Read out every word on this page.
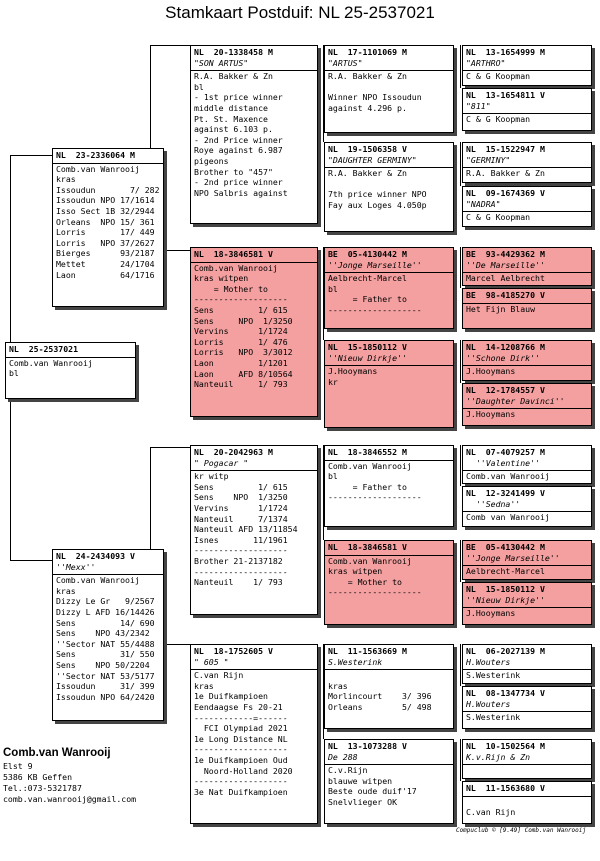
Stamkaart Postduif: NL 25-2537021
NL  25-2537021
Comb.van Wanrooij
bl
NL  23-2336064 M
Comb.van Wanrooij
kras
Issoudun       7/ 282
Issoudun NPO 17/1614
Isso Sect 1B 32/2944
Orleans  NPO 15/ 361
Lorris       17/ 449
Lorris   NPO 37/2627
Bierges      93/2187
Mettet       24/1704
Laon         64/1716
NL  24-2434093 V
''Mexx''
Comb.van Wanrooij
kras
Dizzy Le Gr   9/2567
Dizzy L AFD 16/14426
Sens         14/ 690
Sens    NPO 43/2342
''Sector NAT 55/4488
Sens         31/ 550
Sens    NPO 50/2204
''Sector NAT 53/5177
Issoudun     31/ 399
Issoudun NPO 64/2420
NL  20-1338458 M
"SON ARTUS"
R.A. Bakker & Zn
bl
- 1st price winner
middle distance
Pt. St. Maxence
against 6.103 p.
- 2nd Price winner
Roye against 6.987
pigeons
Brother to "457"
- 2nd price winner
NPO Salbris against
NL  18-3846581 V
Comb.van Wanrooij
kras witpen
= Mother to
-------------------
Sens         1/ 615
Sens     NPO  1/3250
Vervins      1/1724
Lorris       1/ 476
Lorris   NPO  3/3012
Laon         1/1201
Laon     AFD 8/10564
Nanteuil     1/ 793
NL  20-2042963 M
" Pogacar "
kr witp
Sens         1/ 615
Sens    NPO  1/3250
Vervins      1/1724
Nanteuil     7/1374
Nanteuil AFD 13/11854
Isnes       11/1961
-------------------
Brother 21-2137182
-------------------
Nanteuil    1/ 793
NL  18-1752605 V
" 605 "
C.van Rijn
kras
1e Duifkampioen
Eendaagse Fs 20-21
------------=------
FCI Olympiad 2021
1e Long Distance NL
-------------------
1e Duifkampioen Oud
Noord-Holland 2020
-------------------
3e Nat Duifkampioen
NL  17-1101069 M
"ARTUS"
R.A. Bakker & Zn

Winner NPO Issoudun
against 4.296 p.
NL  19-1506358 V
"DAUGHTER GERMINY"
R.A. Bakker & Zn

7th price winner NPO
Fay aux Loges 4.050p
BE  05-4130442 M
''Jonge Marseille''
Aelbrecht-Marcel
bl
= Father to
-------------------
NL  15-1850112 V
''Nieuw Dirkje''
J.Hooymans
kr
NL  18-3846552 M
Comb.van Wanrooij
bl
= Father to
-------------------
NL  18-3846581 V
Comb.van Wanrooij
kras witpen
= Mother to
-------------------
NL  11-1563669 M
S.Westerink

kras
Morlincourt    3/ 396
Orleans        5/ 498
NL  13-1073288 V
De 288
C.v.Rijn
blauwe witpen
Beste oude duif'17
Snelvlieger OK
NL  13-1654999 M
"ARTHRO"
C & G Koopman
NL  13-1654811 V
"811"
C & G Koopman
NL  15-1522947 M
"GERMINY"
R.A. Bakker & Zn
NL  09-1674369 V
"NADRA"
C & G Koopman
BE  93-4429362 M
''De Marseille''
Marcel Aelbrecht
BE  98-4185270 V
Het Fijn Blauw
NL  14-1208766 M
''Schone Dirk''
J.Hooymans
NL  12-1784557 V
''Daughter Davinci''
J.Hooymans
NL  07-4079257 M
''Valentine''
Comb.van Wanrooij
NL  12-3241499 V
''Sedna''
Comb van Wanrooij
BE  05-4130442 M
''Jonge Marseille''
Aelbrecht-Marcel
NL  15-1850112 V
''Nieuw Dirkje''
J.Hooymans
NL  06-2027139 M
H.Wouters
S.Westerink
NL  08-1347734 V
H.Wouters
S.Westerink
NL  10-1502564 M
K.v.Rijn & Zn
NL  11-1563680 V

C.van Rijn
Comb.van Wanrooij
Elst 9
5386 KB Geffen
Tel.:073-5321787
comb.van.wanrooij@gmail.com
Compuclub © [9.49] Comb.van Wanrooij
